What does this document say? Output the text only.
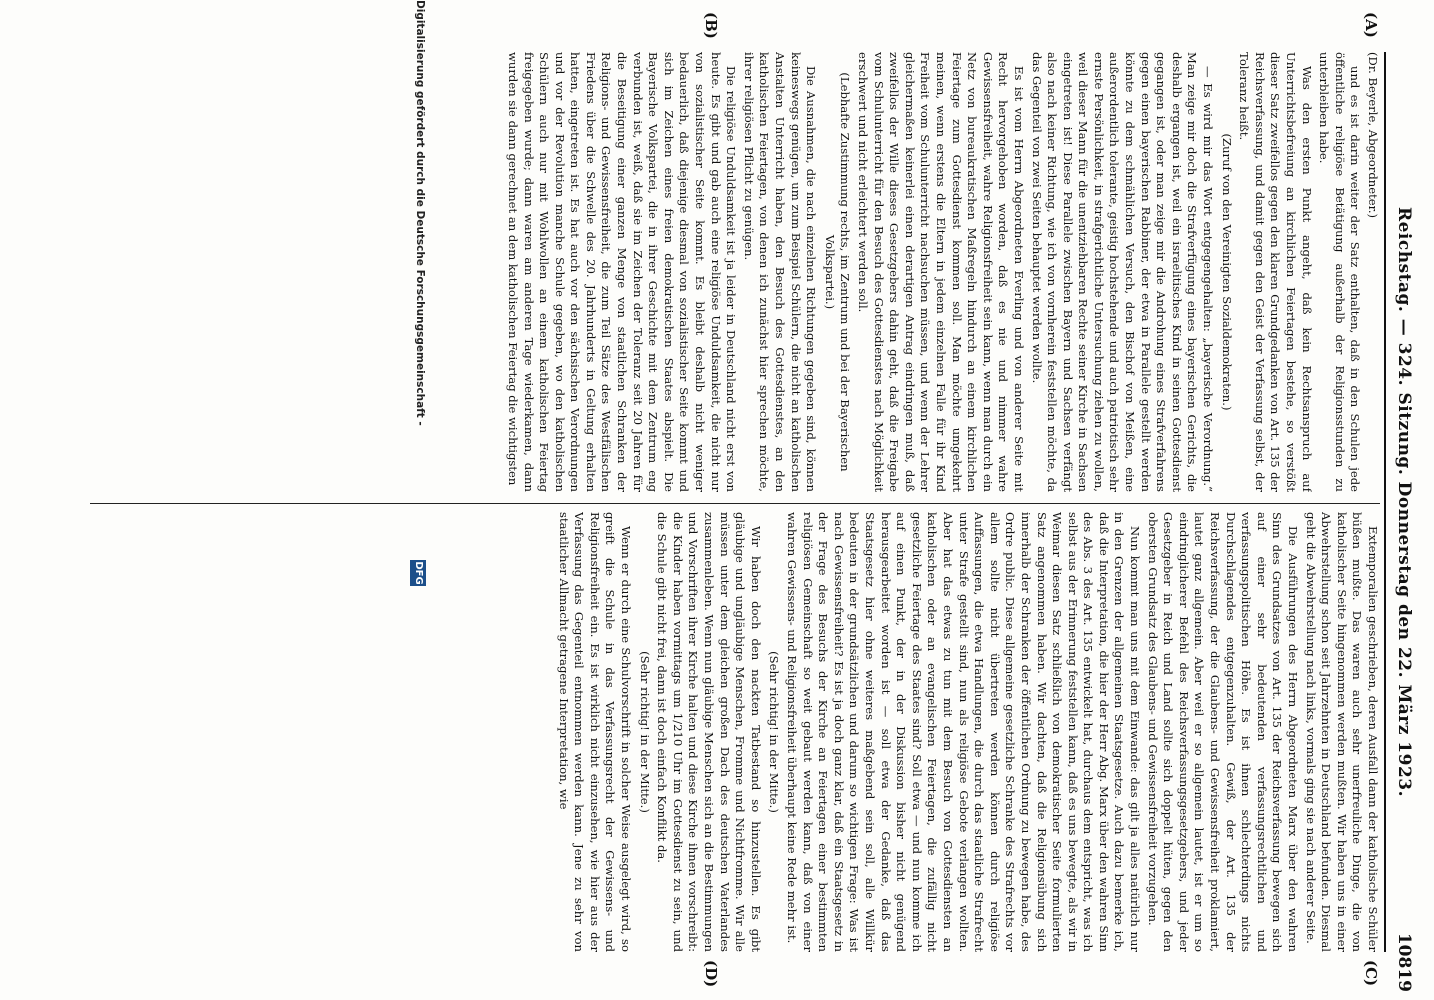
Reichstag. — 324. Sitzung. Donnerstag den 22. März 1923.
10819
(A)
(B)
(C)
(D)

(Dr. Beyerle, Abgeordneter.)

und es ist darin weiter der Satz enthalten, daß in den Schulen jede öffentliche religiöse Betätigung außerhalb der Religionsstunden zu unterbleiben habe.

Was den ersten Punkt angeht, daß kein Rechtsanspruch auf Unterrichtsbefreiung an kirchlichen Feiertagen bestehe, so verstößt dieser Satz zweifellos gegen den klaren Grundgedanken von Art. 135 der Reichsverfassung, und damit gegen den Geist der Verfassung selbst, der Toleranz heißt.

(Zuruf von den Vereinigten Sozialdemokraten.)

— Es wird mir das Wort entgegengehalten: „bayerische Verordnung.“ Man zeige mir doch die Strafverfügung eines bayerischen Gerichts, die deshalb ergangen ist, weil ein israelitisches Kind in seinen Gottesdienst gegangen ist, oder man zeige mir die Androhung eines Strafverfahrens gegen einen bayerischen Rabbiner, der etwa in Parallele gestellt werden könnte zu dem schmählichen Versuch, den Bischof von Meißen, eine außerordentlich tolerante, geistig hochstehende und auch patriotisch sehr ernste Persönlichkeit, in strafgerichtliche Untersuchung ziehen zu wollen, weil dieser Mann für die unentziehbaren Rechte seiner Kirche in Sachsen eingetreten ist! Diese Parallele zwischen Bayern und Sachsen verfängt also nach keiner Richtung, wie ich von vornherein feststellen möchte, da das Gegenteil von zwei Seiten behauptet werden wollte.

Es ist vom Herrn Abgeordneten Everling und von anderer Seite mit Recht hervorgehoben worden, daß es nie und nimmer wahre Gewissensfreiheit, wahre Religionsfreiheit sein kann, wenn man durch ein Netz von bureaukratischen Maßregeln hindurch an einem kirchlichen Feiertage zum Gottesdienst kommen soll. Man möchte umgekehrt meinen, wenn erstens die Eltern in jedem einzelnen Falle für ihr Kind Freiheit vom Schulunterricht nachsuchen müssen, und wenn der Lehrer gleichermaßen keinerlei einen derartigen Antrag eindringen muß, daß zweifellos der Wille dieses Gesetzgebers dahin geht, daß die Freigabe vom Schulunterricht für den Besuch des Gottesdienstes nach Möglichkeit erschwert und nicht erleichtert werden soll.

(Lebhafte Zustimmung rechts, im Zentrum und bei der Bayerischen Volkspartei.)

Die Ausnahmen, die nach einzelnen Richtungen gegeben sind, können keineswegs genügen, um zum Beispiel Schülern, die nicht an katholischen Anstalten Unterricht haben, den Besuch des Gottesdienstes, an den katholischen Feiertagen, von denen ich zunächst hier sprechen möchte, ihrer religiösen Pflicht zu genügen.

Die religiöse Unduldsamkeit ist ja leider in Deutschland nicht erst von heute. Es gibt und gab auch eine religiöse Unduldsamkeit, die nicht nur von sozialistischer Seite kommt. Es bleibt deshalb nicht weniger bedauerlich, daß diejenige diesmal von sozialistischer Seite kommt und sich im Zeichen eines freien demokratischen Staates abspielt. Die Bayerische Volkspartei, die in ihrer Geschichte mit dem Zentrum eng verbunden ist, weiß, daß sie im Zeichen der Toleranz seit 20 Jahren für die Beseitigung einer ganzen Menge von staatlichen Schranken der Religions- und Gewissensfreiheit, die zum Teil Sätze des Westfälischen Friedens über die Schwelle des 20. Jahrhunderts in Geltung erhalten hatten, eingetreten ist. Es hat auch vor den sächsischen Verordnungen und vor der Revolution manche Schule gegeben, wo den katholischen Schülern auch nur mit Wohlwollen an einem katholischen Feiertag freigegeben wurde; dann waren am anderen Tage wiederkamen, dann wurden sie dann gerechnet an dem katholischen Feiertag die wichtigsten

Extemporalien geschrieben, deren Ausfall dann der katholische Schüler büßen mußte. Das waren auch sehr unerfreuliche Dinge, die von katholischer Seite hingenommen werden mußten. Wir haben uns in einer Abwehrstellung schon seit Jahrzehnten in Deutschland befunden. Diesmal geht die Abwehrstellung nach links, vormals ging sie nach anderer Seite.

Die Ausführungen des Herrn Abgeordneten Marx über den wahren Sinn des Grundsatzes von Art. 135 der Reichsverfassung bewegen sich auf einer sehr bedeutenden verfassungsrechtlichen und verfassungspolitischen Höhe. Es ist ihnen schlechterdings nichts Durchschlagendes entgegenzuhalten. Gewiß, der Art. 135 der Reichsverfassung, der die Glaubens- und Gewissensfreiheit proklamiert, lautet ganz allgemein. Aber weil er so allgemein lautet, ist er um so eindringlicherer Befehl des Reichsverfassungsgesetzgebers, und jeder Gesetzgeber in Reich und Land sollte sich doppelt hüten, gegen den obersten Grundsatz des Glaubens- und Gewissensfreiheit vorzugehen.

Nun kommt man uns mit dem Einwande: das gilt ja alles natürlich nur in den Grenzen der allgemeinen Staatsgesetze. Auch dazu bemerke ich, daß die Interpretation, die hier der Herr Abg. Marx über den wahren Sinn des Abs. 3 des Art. 135 entwickelt hat, durchaus dem entspricht, was ich selbst aus der Erinnerung feststellen kann, daß es uns bewegte, als wir in Weimar diesen Satz schließlich von demokratischer Seite formulierten Satz angenommen haben. Wir dachten, daß die Religionsübung sich innerhalb der Schranken der öffentlichen Ordnung zu bewegen habe, des Ordre public. Diese allgemeine gesetzliche Schranke des Strafrechts vor allem sollte nicht übertreten werden können durch religiöse Auffassungen, die etwa Handlungen, die durch das staatliche Strafrecht unter Strafe gestellt sind, nun als religiöse Gebote verlangen wollten. Aber hat das etwas zu tun mit dem Besuch von Gottesdiensten an katholischen oder an evangelischen Feiertagen, die zufällig nicht gesetzliche Feiertage des Staates sind? Soll etwa — und nun komme ich auf einen Punkt, der in der Diskussion bisher nicht genügend herausgearbeitet worden ist — soll etwa der Gedanke, daß das Staatsgesetz hier ohne weiteres maßgebend sein soll, alle Willkür bedeuten in der grundsätzlichen und darum so wichtigen Frage: Was ist nach Gewissensfreiheit? Es ist ja doch ganz klar, daß ein Staatsgesetz in der Frage des Besuchs der Kirche an Feiertagen einer bestimmten religiösen Gemeinschaft so weit gebaut werden kann, daß von einer wahren Gewissens- und Religionsfreiheit überhaupt keine Rede mehr ist.

(Sehr richtig! in der Mitte.)

Wir haben doch den nackten Tatbestand so hinzustellen. Es gibt gläubige und ungläubige Menschen, Fromme und Nichtfromme. Wir alle müssen unter dem gleichen großen Dach des deutschen Vaterlandes zusammenleben. Wenn nun gläubige Menschen sich an die Bestimmungen und Vorschriften ihrer Kirche halten und diese Kirche ihnen vorschreibt: die Kinder haben vormittags um 1/210 Uhr im Gottesdienst zu sein, und die Schule gibt nicht frei, dann ist doch einfach Konflikt da.

(Sehr richtig! in der Mitte.)

Wenn er durch eine Schulvorschrift in solcher Weise ausgelegt wird, so greift die Schule in das Verfassungsrecht der Gewissens- und Religionsfreiheit ein. Es ist wirklich nicht einzusehen, wie hier aus der Verfassung das Gegenteil entnommen werden kann. Jene zu sehr von staatlicher Allmacht getragene Interpretation, wie

Digitalisierung gefördert durch die Deutsche Forschungsgemeinschaft -
DFG
